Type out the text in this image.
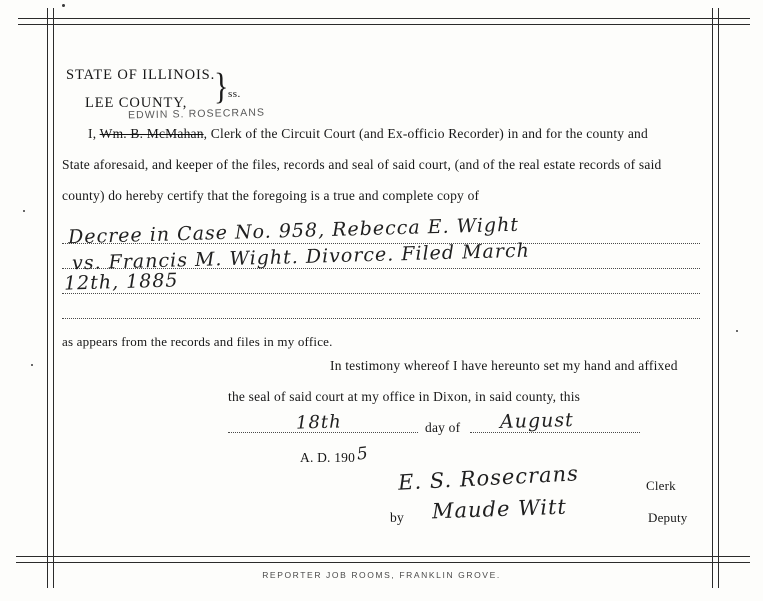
STATE OF ILLINOIS.
LEE COUNTY, } ss.
EDWIN S. ROSECRANS
I, Wm. B. McMahan, Clerk of the Circuit Court (and Ex-officio Recorder) in and for the county and
State aforesaid, and keeper of the files, records and seal of said court, (and of the real estate records of said
county) do hereby certify that the foregoing is a true and complete copy of
Decree in Case No. 958, Rebecca E. Wight
vs. Francis M. Wight. Divorce. Filed March
12th, 1885
as appears from the records and files in my office.
In testimony whereof I have hereunto set my hand and affixed
the seal of said court at my office in Dixon, in said county, this
day of
18th	August
A. D. 190 5
E. S. Rosecrans	Clerk
by Maude Witt	Deputy
REPORTER JOB ROOMS, FRANKLIN GROVE.
